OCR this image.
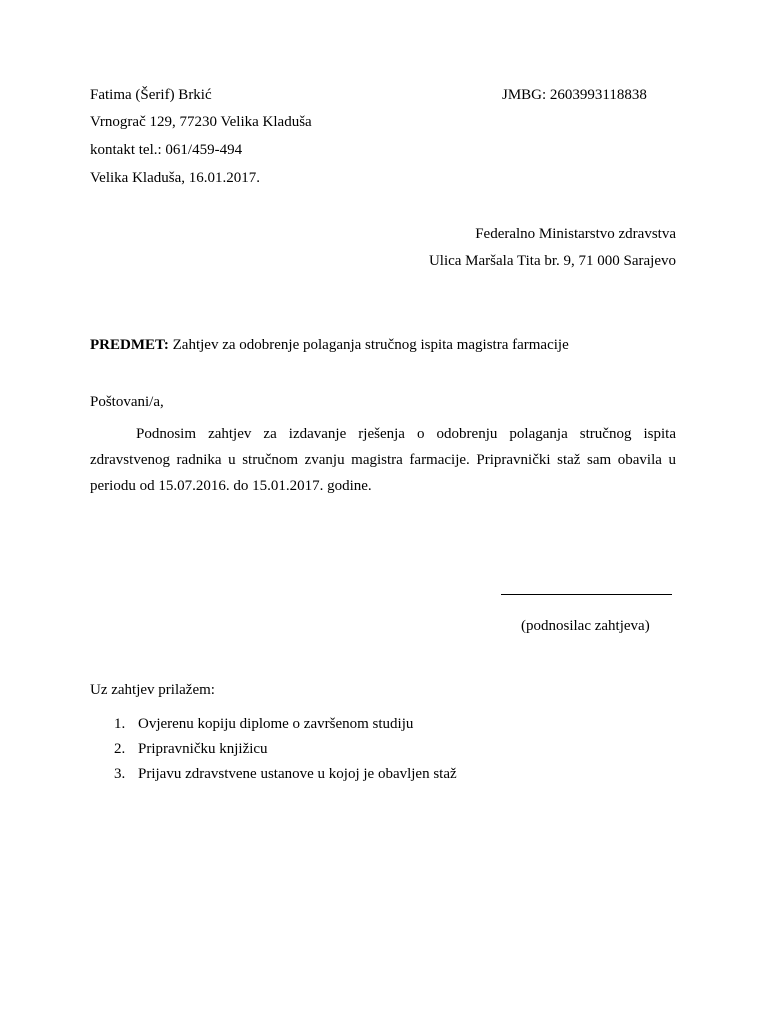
Fatima (Šerif) Brkić	JMBG: 2603993118838
Vrnograč 129, 77230 Velika Kladuša
kontakt tel.: 061/459-494
Velika Kladuša, 16.01.2017.
Federalno Ministarstvo zdravstva
Ulica Maršala Tita br. 9, 71 000 Sarajevo
PREDMET: Zahtjev za odobrenje polaganja stručnog ispita magistra farmacije
Poštovani/a,
Podnosim zahtjev za izdavanje rješenja o odobrenju polaganja stručnog ispita zdravstvenog radnika u stručnom zvanju magistra farmacije. Pripravnički staž sam obavila u periodu od 15.07.2016. do 15.01.2017. godine.
(podnosilac zahtjeva)
Uz zahtjev prilažem:
1. Ovjerenu kopiju diplome o završenom studiju
2. Pripravničku knjižicu
3. Prijavu zdravstvene ustanove u kojoj je obavljen staž
